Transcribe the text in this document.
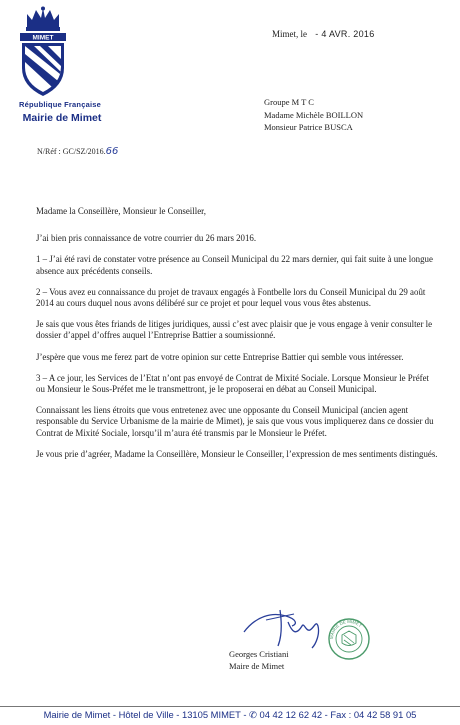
MIMET
République Française
Mairie de Mimet
N/Réf : GC/SZ/2016.66
Mimet, le - 4 AVR. 2016
Groupe M T C
Madame Michèle BOILLON
Monsieur Patrice BUSCA

Madame la Conseillère, Monsieur le Conseiller,

J’ai bien pris connaissance de votre courrier du 26 mars 2016.

1 – J’ai été ravi de constater votre présence au Conseil Municipal du 22 mars dernier, qui fait suite à une longue absence aux précédents conseils.

2 – Vous avez eu connaissance du projet de travaux engagés à Fontbelle lors du Conseil Municipal du 29 août 2014 au cours duquel nous avons délibéré sur ce projet et pour lequel vous vous êtes abstenus.

Je sais que vous êtes friands de litiges juridiques, aussi c’est avec plaisir que je vous engage à venir consulter le dossier d’appel d’offres auquel l’Entreprise Battier a soumissionné.

J’espère que vous me ferez part de votre opinion sur cette Entreprise Battier qui semble vous intéresser.

3 – A ce jour, les Services de l’Etat n’ont pas envoyé de Contrat de Mixité Sociale. Lorsque Monsieur le Préfet ou Monsieur le Sous-Préfet me le transmettront, je le proposerai en débat au Conseil Municipal.

Connaissant les liens étroits que vous entretenez avec une opposante du Conseil Municipal (ancien agent responsable du Service Urbanisme de la mairie de Mimet), je sais que vous vous impliquerez dans ce dossier du Contrat de Mixité Sociale, lorsqu’il m’aura été transmis par le Monsieur le Préfet.

Je vous prie d’agréer, Madame la Conseillère, Monsieur le Conseiller, l’expression de mes sentiments distingués.

MAIRIE DE MIMET
Georges Cristiani
Maire de Mimet
Mairie de Mimet - Hôtel de Ville - 13105 MIMET - ✆ 04 42 12 62 42 - Fax : 04 42 58 91 05
